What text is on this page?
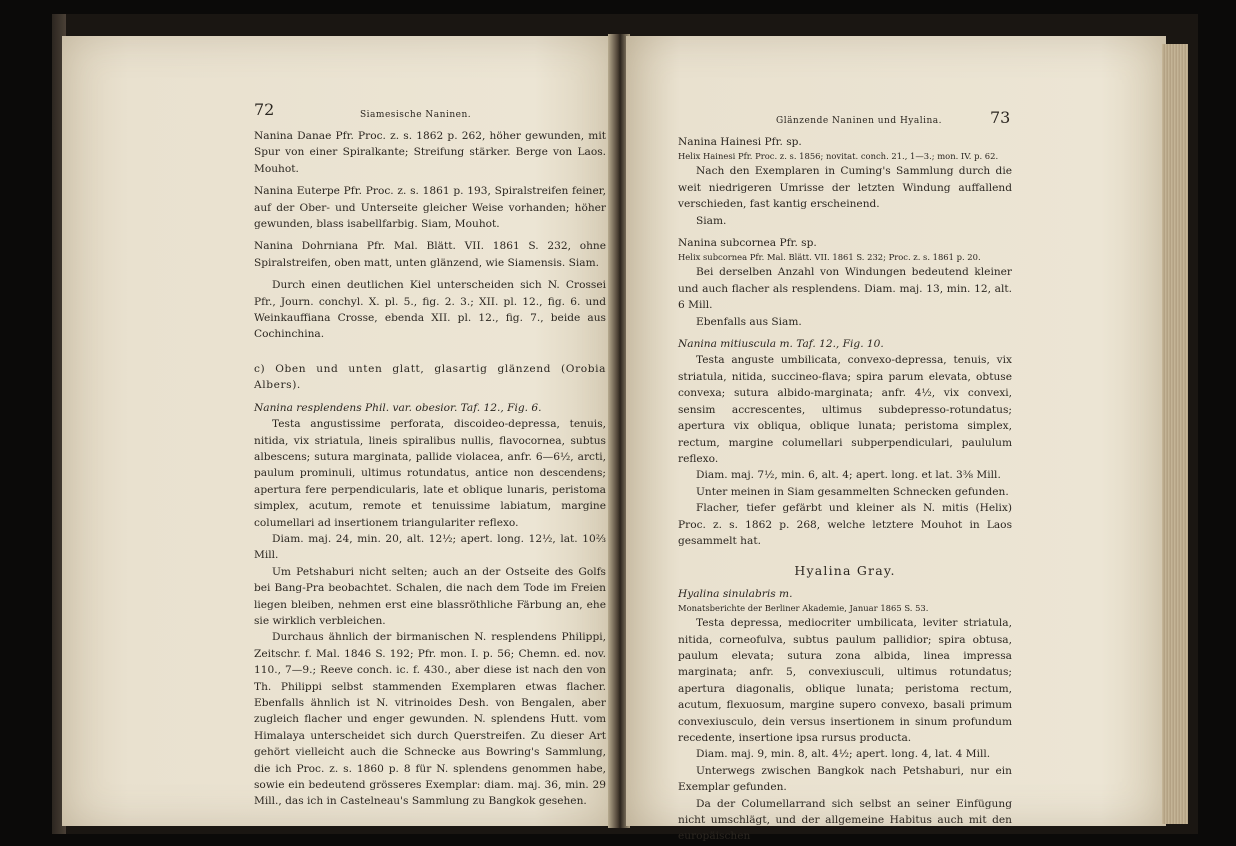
72	Siamesische Naninen.

Nanina Danae Pfr. Proc. z. s. 1862 p. 262, höher gewunden, mit Spur von einer Spiralkante; Streifung stärker. Berge von Laos. Mouhot.

Nanina Euterpe Pfr. Proc. z. s. 1861 p. 193, Spiralstreifen feiner, auf der Ober- und Unterseite gleicher Weise vorhanden; höher gewunden, blass isabellfarbig. Siam, Mouhot.

Nanina Dohrniana Pfr. Mal. Blätt. VII. 1861 S. 232, ohne Spiralstreifen, oben matt, unten glänzend, wie Siamensis. Siam.

Durch einen deutlichen Kiel unterscheiden sich N. Crossei Pfr., Journ. conchyl. X. pl. 5., fig. 2. 3.; XII. pl. 12., fig. 6. und Weinkauffiana Crosse, ebenda XII. pl. 12., fig. 7., beide aus Cochinchina.

c) Oben und unten glatt, glasartig glänzend (Orobia Albers).

Nanina resplendens Phil. var. obesior. Taf. 12., Fig. 6.

Testa angustissime perforata, discoideo-depressa, tenuis, nitida, vix striatula, lineis spiralibus nullis, flavocornea, subtus albescens; sutura marginata, pallide violacea, anfr. 6—6½, arcti, paulum prominuli, ultimus rotundatus, antice non descendens; apertura fere perpendicularis, late et oblique lunaris, peristoma simplex, acutum, remote et tenuissime labiatum, margine columellari ad insertionem triangulariter reflexo.

Diam. maj. 24, min. 20, alt. 12½; apert. long. 12½, lat. 10⅔ Mill.

Um Petshaburi nicht selten; auch an der Ostseite des Golfs bei Bang-Pra beobachtet. Schalen, die nach dem Tode im Freien liegen bleiben, nehmen erst eine blassröthliche Färbung an, ehe sie wirklich verbleichen.

Durchaus ähnlich der birmanischen N. resplendens Philippi, Zeitschr. f. Mal. 1846 S. 192; Pfr. mon. I. p. 56; Chemn. ed. nov. 110., 7—9.; Reeve conch. ic. f. 430., aber diese ist nach den von Th. Philippi selbst stammenden Exemplaren etwas flacher. Ebenfalls ähnlich ist N. vitrinoides Desh. von Bengalen, aber zugleich flacher und enger gewunden. N. splendens Hutt. vom Himalaya unterscheidet sich durch Querstreifen. Zu dieser Art gehört vielleicht auch die Schnecke aus Bowring's Sammlung, die ich Proc. z. s. 1860 p. 8 für N. splendens genommen habe, sowie ein bedeutend grösseres Exemplar: diam. maj. 36, min. 29 Mill., das ich in Castelneau's Sammlung zu Bangkok gesehen.

Glänzende Naninen und Hyalina.	73

Nanina Hainesi Pfr. sp.

Helix Hainesi Pfr. Proc. z. s. 1856; novitat. conch. 21., 1—3.; mon. IV. p. 62.

Nach den Exemplaren in Cuming's Sammlung durch die weit niedrigeren Umrisse der letzten Windung auffallend verschieden, fast kantig erscheinend.

Siam.

Nanina subcornea Pfr. sp.

Helix subcornea Pfr. Mal. Blätt. VII. 1861 S. 232; Proc. z. s. 1861 p. 20.

Bei derselben Anzahl von Windungen bedeutend kleiner und auch flacher als resplendens. Diam. maj. 13, min. 12, alt. 6 Mill.

Ebenfalls aus Siam.

Nanina mitiuscula m. Taf. 12., Fig. 10.

Testa anguste umbilicata, convexo-depressa, tenuis, vix striatula, nitida, succineo-flava; spira parum elevata, obtuse convexa; sutura albido-marginata; anfr. 4½, vix convexi, sensim accrescentes, ultimus subdepresso-rotundatus; apertura vix obliqua, oblique lunata; peristoma simplex, rectum, margine columellari subperpendiculari, paululum reflexo.

Diam. maj. 7½, min. 6, alt. 4; apert. long. et lat. 3⅜ Mill.

Unter meinen in Siam gesammelten Schnecken gefunden.

Flacher, tiefer gefärbt und kleiner als N. mitis (Helix) Proc. z. s. 1862 p. 268, welche letztere Mouhot in Laos gesammelt hat.

Hyalina Gray.

Hyalina sinulabris m.

Monatsberichte der Berliner Akademie, Januar 1865 S. 53.

Testa depressa, mediocriter umbilicata, leviter striatula, nitida, corneofulva, subtus paulum pallidior; spira obtusa, paulum elevata; sutura zona albida, linea impressa marginata; anfr. 5, convexiusculi, ultimus rotundatus; apertura diagonalis, oblique lunata; peristoma rectum, acutum, flexuosum, margine supero convexo, basali primum convexiusculo, dein versus insertionem in sinum profundum recedente, insertione ipsa rursus producta.

Diam. maj. 9, min. 8, alt. 4½; apert. long. 4, lat. 4 Mill.

Unterwegs zwischen Bangkok nach Petshaburi, nur ein Exemplar gefunden.

Da der Columellarrand sich selbst an seiner Einfügung nicht umschlägt, und der allgemeine Habitus auch mit den europäischen
